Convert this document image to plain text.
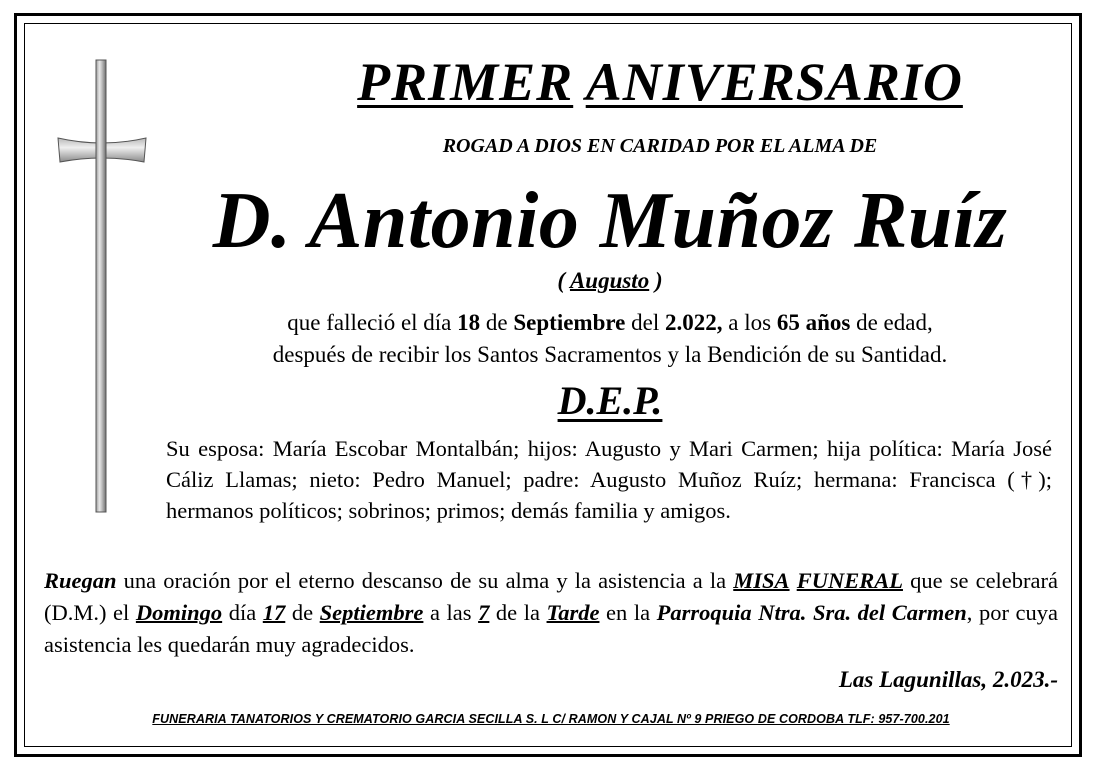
PRIMER ANIVERSARIO
ROGAD A DIOS EN CARIDAD POR EL ALMA DE
D. Antonio Muñoz Ruíz
( Augusto )
que falleció el día 18 de Septiembre del 2.022, a los 65 años de edad,
después de recibir los Santos Sacramentos y la Bendición de su Santidad.
D.E.P.
Su esposa: María Escobar Montalbán; hijos: Augusto y Mari Carmen; hija política: María José Cáliz Llamas; nieto: Pedro Manuel; padre: Augusto Muñoz Ruíz; hermana: Francisca (†); hermanos políticos; sobrinos; primos; demás familia y amigos.
Ruegan una oración por el eterno descanso de su alma y la asistencia a la MISA FUNERAL que se celebrará (D.M.) el Domingo día 17 de Septiembre a las 7 de la Tarde en la Parroquia Ntra. Sra. del Carmen, por cuya asistencia les quedarán muy agradecidos.
Las Lagunillas, 2.023.-
FUNERARIA TANATORIOS Y CREMATORIO GARCIA SECILLA S. L C/ RAMON Y CAJAL Nº 9 PRIEGO DE CORDOBA TLF: 957-700.201
